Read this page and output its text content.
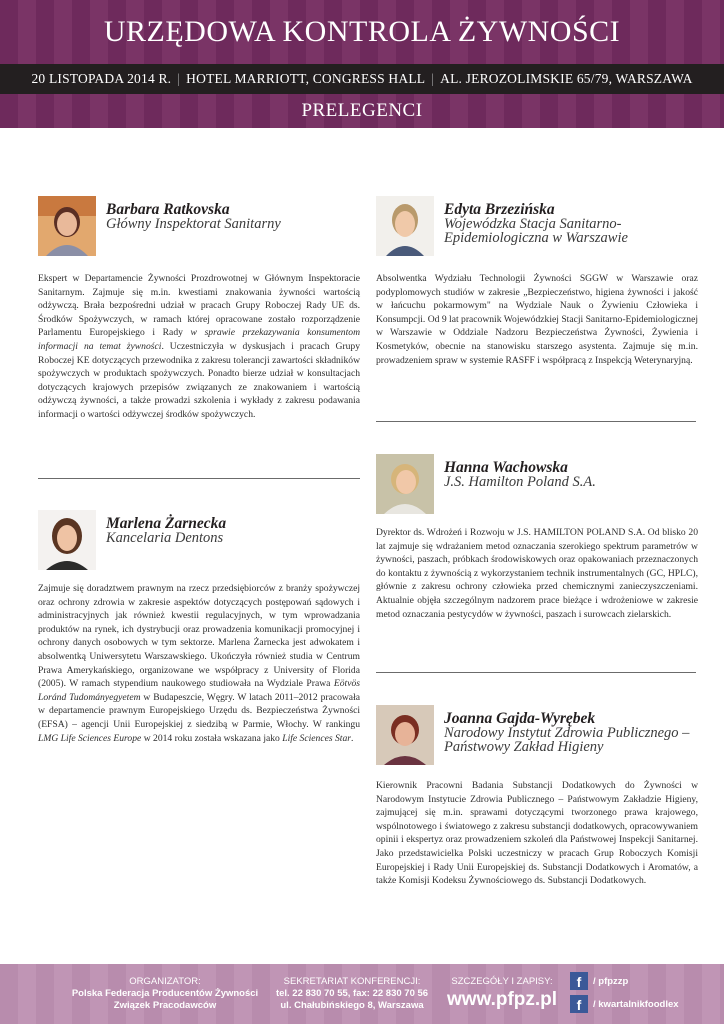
URZĘDOWA KONTROLA ŻYWNOŚCI
20 LISTOPADA 2014 R. | HOTEL MARRIOTT, CONGRESS HALL | AL. JEROZOLIMSKIE 65/79, WARSZAWA
PRELEGENCI
Barbara Ratkovska
Główny Inspektorat Sanitarny

Ekspert w Departamencie Żywności Prozdrowotnej w Głównym Inspektoracie Sanitarnym. Zajmuje się m.in. kwestiami znakowania żywności wartością odżywczą. Brała bezpośredni udział w pracach Grupy Roboczej Rady UE ds. Środków Spożywczych, w ramach której opracowane zostało rozporządzenie Parlamentu Europejskiego i Rady w sprawie przekazywania konsumentom informacji na temat żywności. Uczestniczyła w dyskusjach i pracach Grupy Roboczej KE dotyczących przewodnika z zakresu tolerancji zawartości składników spożywczych w produktach spożywczych. Ponadto bierze udział w konsultacjach dotyczących krajowych przepisów związanych ze znakowaniem i wartością odżywczą żywności, a także prowadzi szkolenia i wykłady z zakresu podawania informacji o wartości odżywczej środków spożywczych.

Edyta Brzezińska
Wojewódzka Stacja Sanitarno-Epidemiologiczna w Warszawie

Absolwentka Wydziału Technologii Żywności SGGW w Warszawie oraz podyplomowych studiów w zakresie „Bezpieczeństwo, higiena żywności i jakość w łańcuchu pokarmowym" na Wydziale Nauk o Żywieniu Człowieka i Konsumpcji. Od 9 lat pracownik Wojewódzkiej Stacji Sanitarno-Epidemiologicznej w Warszawie w Oddziale Nadzoru Bezpieczeństwa Żywności, Żywienia i Kosmetyków, obecnie na stanowisku starszego asystenta. Zajmuje się m.in. prowadzeniem spraw w systemie RASFF i współpracą z Inspekcją Weterynaryjną.

Hanna Wachowska
J.S. Hamilton Poland S.A.

Dyrektor ds. Wdrożeń i Rozwoju w J.S. HAMILTON POLAND S.A. Od blisko 20 lat zajmuje się wdrażaniem metod oznaczania szerokiego spektrum parametrów w żywności, paszach, próbkach środowiskowych oraz opakowaniach przeznaczonych do kontaktu z żywnością z wykorzystaniem technik instrumentalnych (GC, HPLC), głównie z zakresu ochrony człowieka przed chemicznymi zanieczyszczeniami. Aktualnie objęła szczególnym nadzorem prace bieżące i wdrożeniowe w zakresie metod oznaczania pestycydów w żywności, paszach i surowcach zielarskich.

Marlena Żarnecka
Kancelaria Dentons

Zajmuje się doradztwem prawnym na rzecz przedsiębiorców z branży spożywczej oraz ochrony zdrowia w zakresie aspektów dotyczących postępowań sądowych i administracyjnych jak również kwestii regulacyjnych, w tym wprowadzania produktów na rynek, ich dystrybucji oraz prowadzenia komunikacji promocyjnej i ochrony danych osobowych w tym sektorze. Marlena Żarnecka jest adwokatem i absolwentką Uniwersytetu Warszawskiego. Ukończyła również studia w Centrum Prawa Amerykańskiego, organizowane we współpracy z University of Florida (2005). W ramach stypendium naukowego studiowała na Wydziale Prawa Eötvös Loránd Tudományegyetem w Budapeszcie, Węgry. W latach 2011–2012 pracowała w departamencie prawnym Europejskiego Urzędu ds. Bezpieczeństwa Żywności (EFSA) – agencji Unii Europejskiej z siedzibą w Parmie, Włochy. W rankingu LMG Life Sciences Europe w 2014 roku została wskazana jako Life Sciences Star.

Joanna Gajda-Wyrębek
Narodowy Instytut Zdrowia Publicznego – Państwowy Zakład Higieny

Kierownik Pracowni Badania Substancji Dodatkowych do Żywności w Narodowym Instytucie Zdrowia Publicznego – Państwowym Zakładzie Higieny, zajmującej się m.in. sprawami dotyczącymi tworzonego prawa krajowego, wspólnotowego i światowego z zakresu substancji dodatkowych, opracowywaniem opinii i ekspertyz oraz prowadzeniem szkoleń dla Państwowej Inspekcji Sanitarnej. Jako przedstawicielka Polski uczestniczy w pracach Grup Roboczych Komisji Europejskiej i Rady Unii Europejskiej ds. Substancji Dodatkowych i Aromatów, a także Komisji Kodeksu Żywnościowego ds. Substancji Dodatkowych.

ORGANIZATOR:
Polska Federacja Producentów Żywności
Związek Pracodawców
SEKRETARIAT KONFERENCJI:
tel. 22 830 70 55, fax: 22 830 70 56
ul. Chałubińskiego 8, Warszawa
SZCZEGÓŁY I ZAPISY:
www.pfpz.pl
f	/ pfpzzp
f	/ kwartalnikfoodlex
